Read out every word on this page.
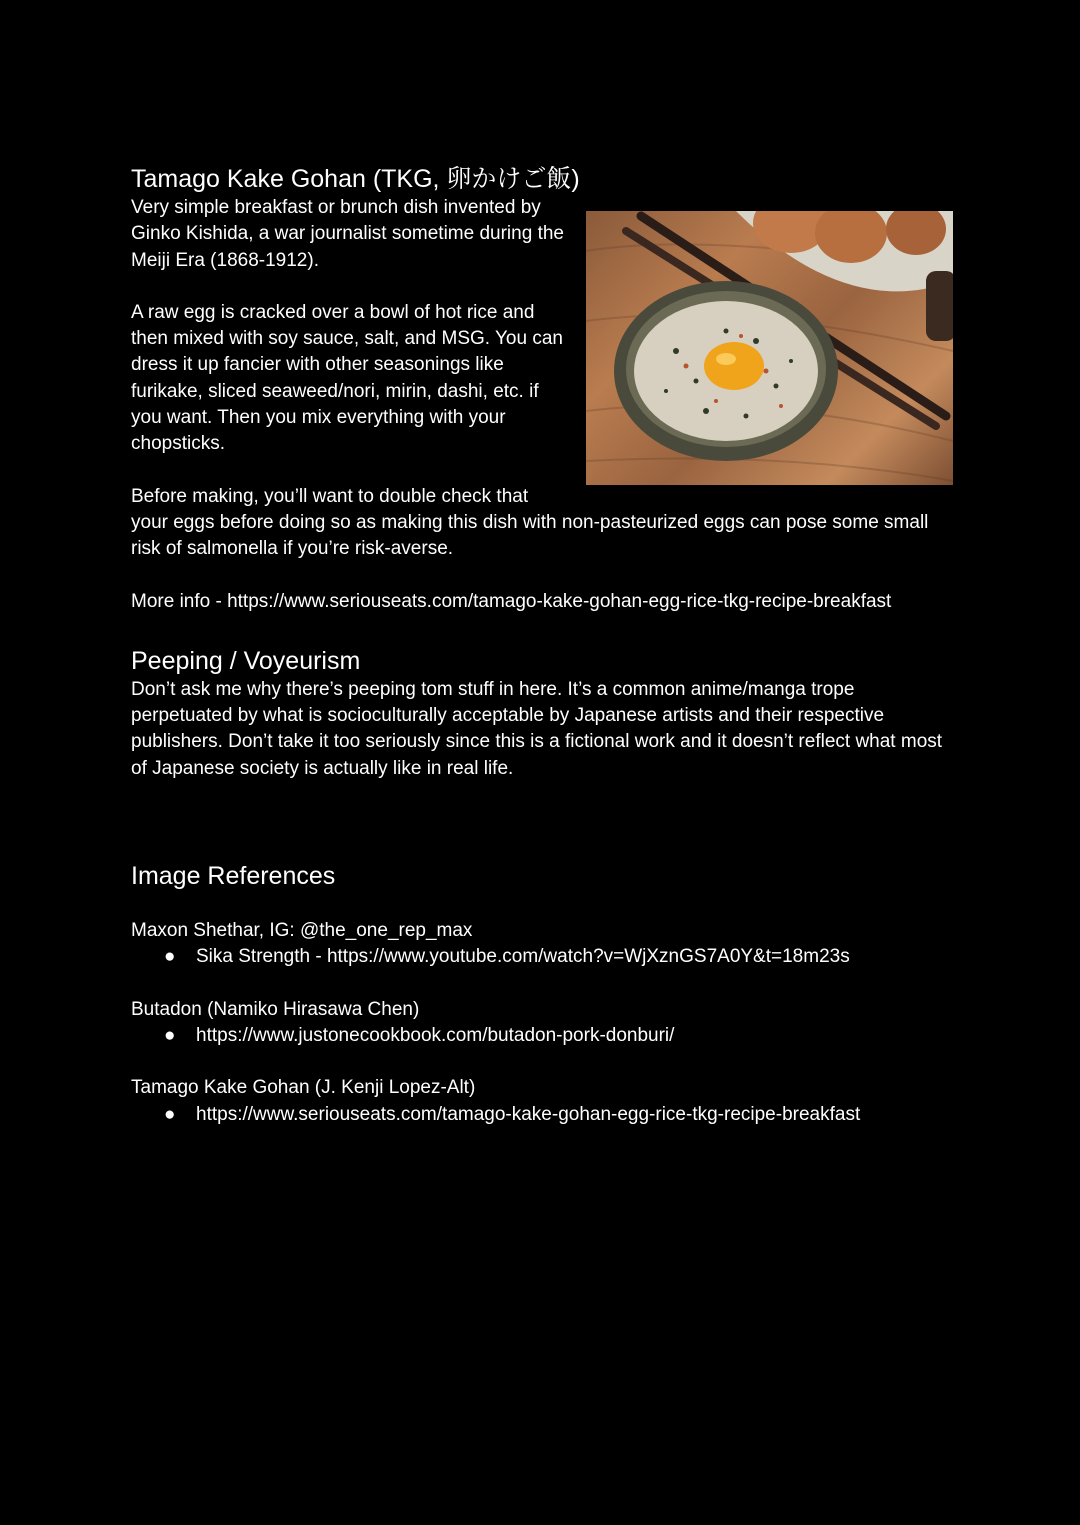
Tamago Kake Gohan (TKG, 卵かけご飯)

Very simple breakfast or brunch dish invented by Ginko Kishida, a war journalist sometime during the Meiji Era (1868-1912).

A raw egg is cracked over a bowl of hot rice and then mixed with soy sauce, salt, and MSG. You can dress it up fancier with other seasonings like furikake, sliced seaweed/nori, mirin, dashi, etc. if you want. Then you mix everything with your chopsticks.

Before making, you’ll want to double check that your eggs before doing so as making this dish with non-pasteurized eggs can pose some small risk of salmonella if you’re risk-averse.

More info - https://www.seriouseats.com/tamago-kake-gohan-egg-rice-tkg-recipe-breakfast

Peeping / Voyeurism

Don’t ask me why there’s peeping tom stuff in here. It’s a common anime/manga trope perpetuated by what is socioculturally acceptable by Japanese artists and their respective publishers. Don’t take it too seriously since this is a fictional work and it doesn’t reflect what most of Japanese society is actually like in real life.

Image References

Maxon Shethar, IG: @the_one_rep_max

● Sika Strength - https://www.youtube.com/watch?v=WjXznGS7A0Y&t=18m23s

Butadon (Namiko Hirasawa Chen)

● https://www.justonecookbook.com/butadon-pork-donburi/

Tamago Kake Gohan (J. Kenji Lopez-Alt)

● https://www.seriouseats.com/tamago-kake-gohan-egg-rice-tkg-recipe-breakfast
